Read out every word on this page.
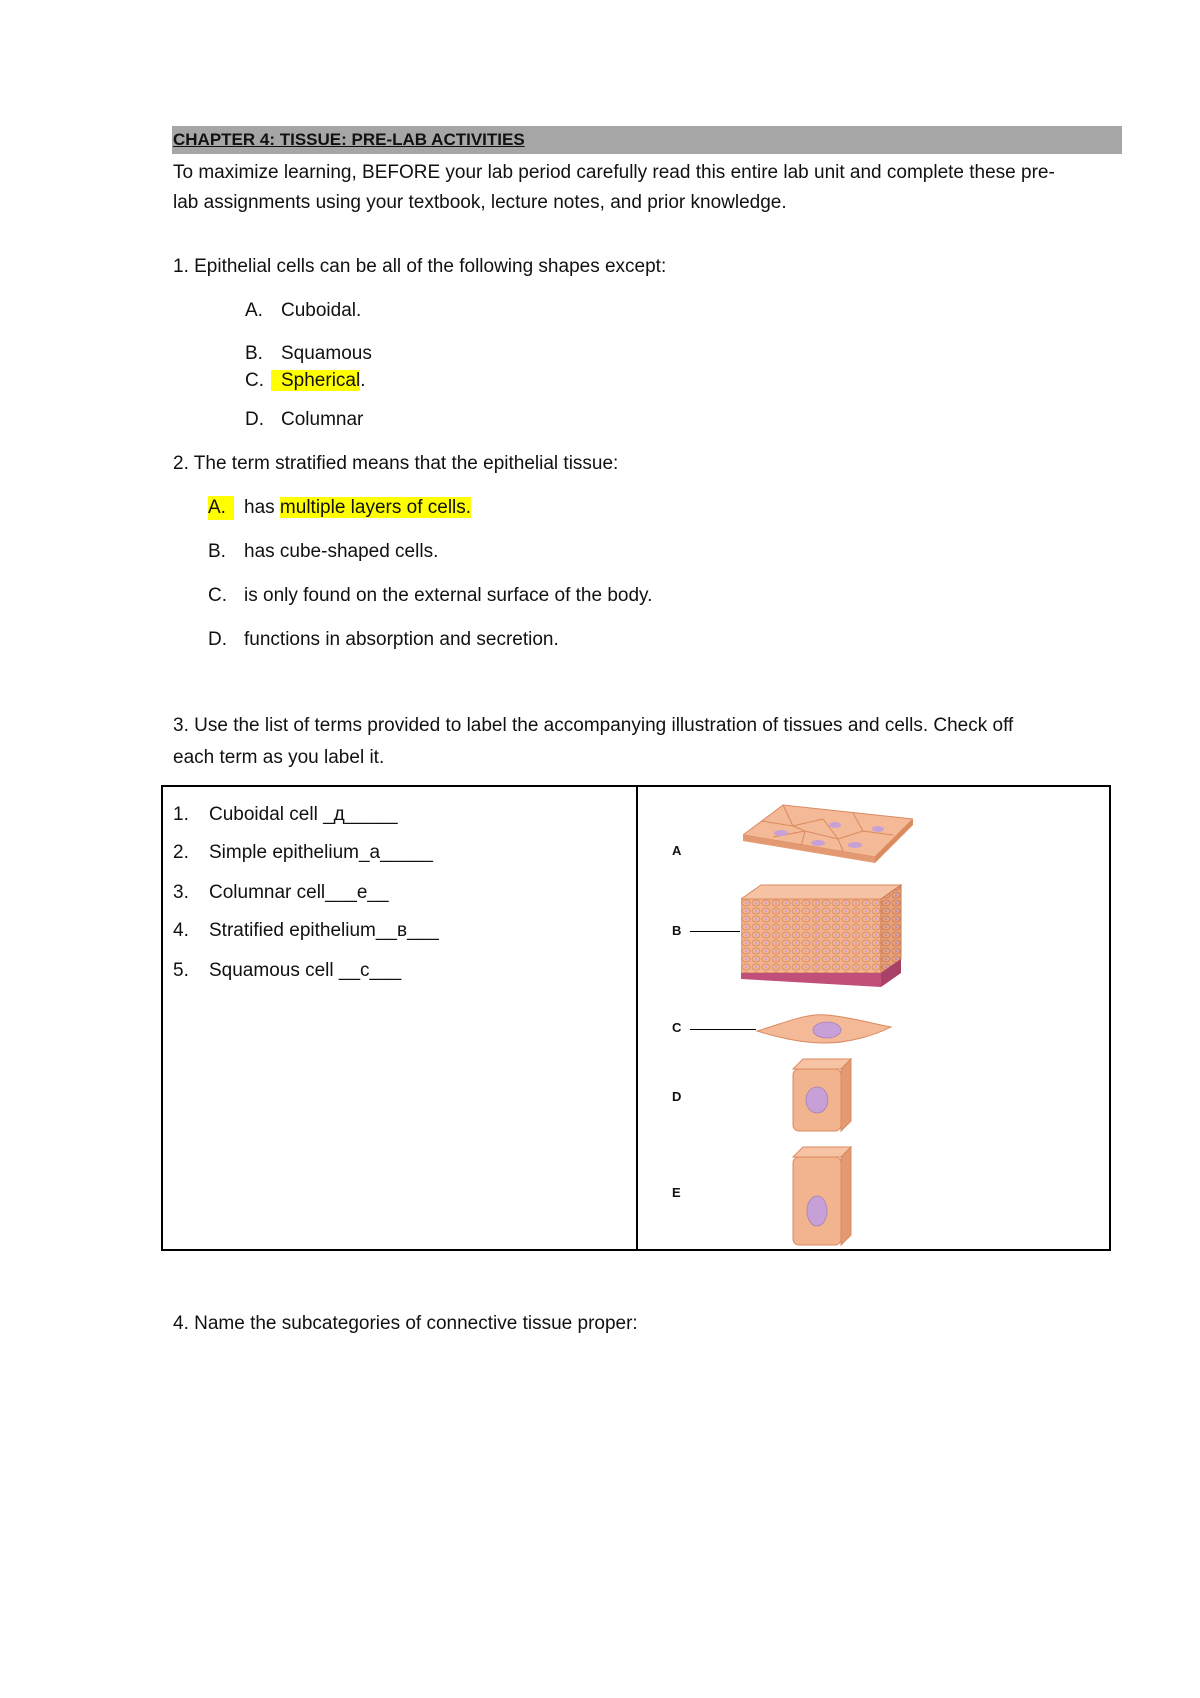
CHAPTER 4: TISSUE: PRE-LAB ACTIVITIES
To maximize learning, BEFORE your lab period carefully read this entire lab unit and complete these pre-
lab assignments using your textbook, lecture notes, and prior knowledge.
1. Epithelial cells can be all of the following shapes except:
A. Cuboidal.
B. Squamous
C. Spherical.
D. Columnar
2. The term stratified means that the epithelial tissue:
A. has multiple layers of cells.
B. has cube-shaped cells.
C. is only found on the external surface of the body.
D. functions in absorption and secretion.
3. Use the list of terms provided to label the accompanying illustration of tissues and cells. Check off
each term as you label it.
1. Cuboidal cell _д_____
2. Simple epithelium_a_____
3. Columnar cell___e__
4. Stratified epithelium__в___
5. Squamous cell __c___
A
B
C
D
E
4. Name the subcategories of connective tissue proper:
